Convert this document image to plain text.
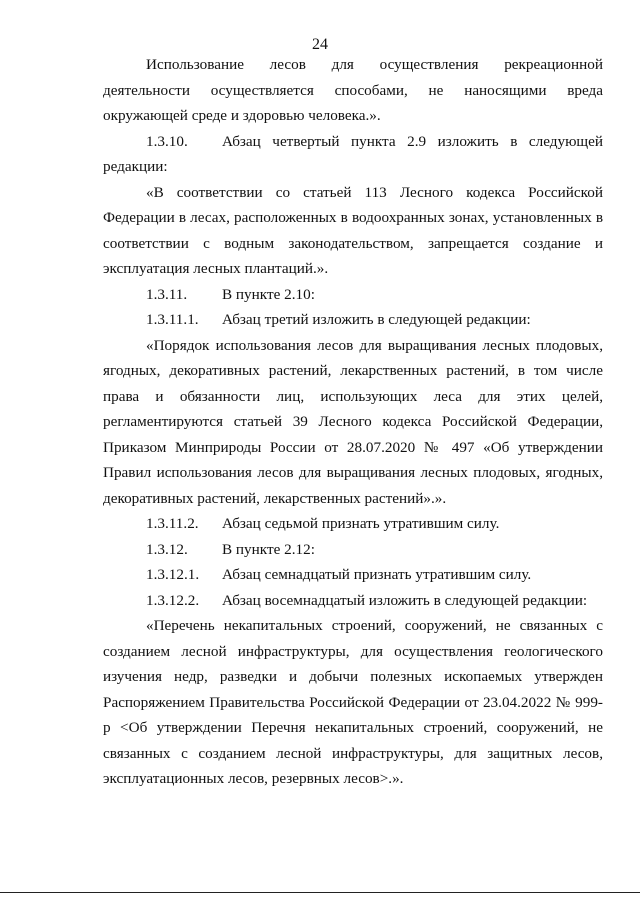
24

Использование лесов для осуществления рекреационной деятельности осуществляется способами, не наносящими вреда окружающей среде и здоровью человека.».

1.3.10. Абзац четвертый пункта 2.9 изложить в следующей редакции:

«В соответствии со статьей 113 Лесного кодекса Российской Федерации в лесах, расположенных в водоохранных зонах, установленных в соответствии с водным законодательством, запрещается создание и эксплуатация лесных плантаций.».

1.3.11. В пункте 2.10:

1.3.11.1. Абзац третий изложить в следующей редакции:

«Порядок использования лесов для выращивания лесных плодовых, ягодных, декоративных растений, лекарственных растений, в том числе права и обязанности лиц, использующих леса для этих целей, регламентируются статьей 39 Лесного кодекса Российской Федерации, Приказом Минприроды России от 28.07.2020 № 497 «Об утверждении Правил использования лесов для выращивания лесных плодовых, ягодных, декоративных растений, лекарственных растений».».

1.3.11.2. Абзац седьмой признать утратившим силу.

1.3.12. В пункте 2.12:

1.3.12.1. Абзац семнадцатый признать утратившим силу.

1.3.12.2. Абзац восемнадцатый изложить в следующей редакции:

«Перечень некапитальных строений, сооружений, не связанных с созданием лесной инфраструктуры, для осуществления геологического изучения недр, разведки и добычи полезных ископаемых утвержден Распоряжением Правительства Российской Федерации от 23.04.2022 № 999-р <Об утверждении Перечня некапитальных строений, сооружений, не связанных с созданием лесной инфраструктуры, для защитных лесов, эксплуатационных лесов, резервных лесов>.».
